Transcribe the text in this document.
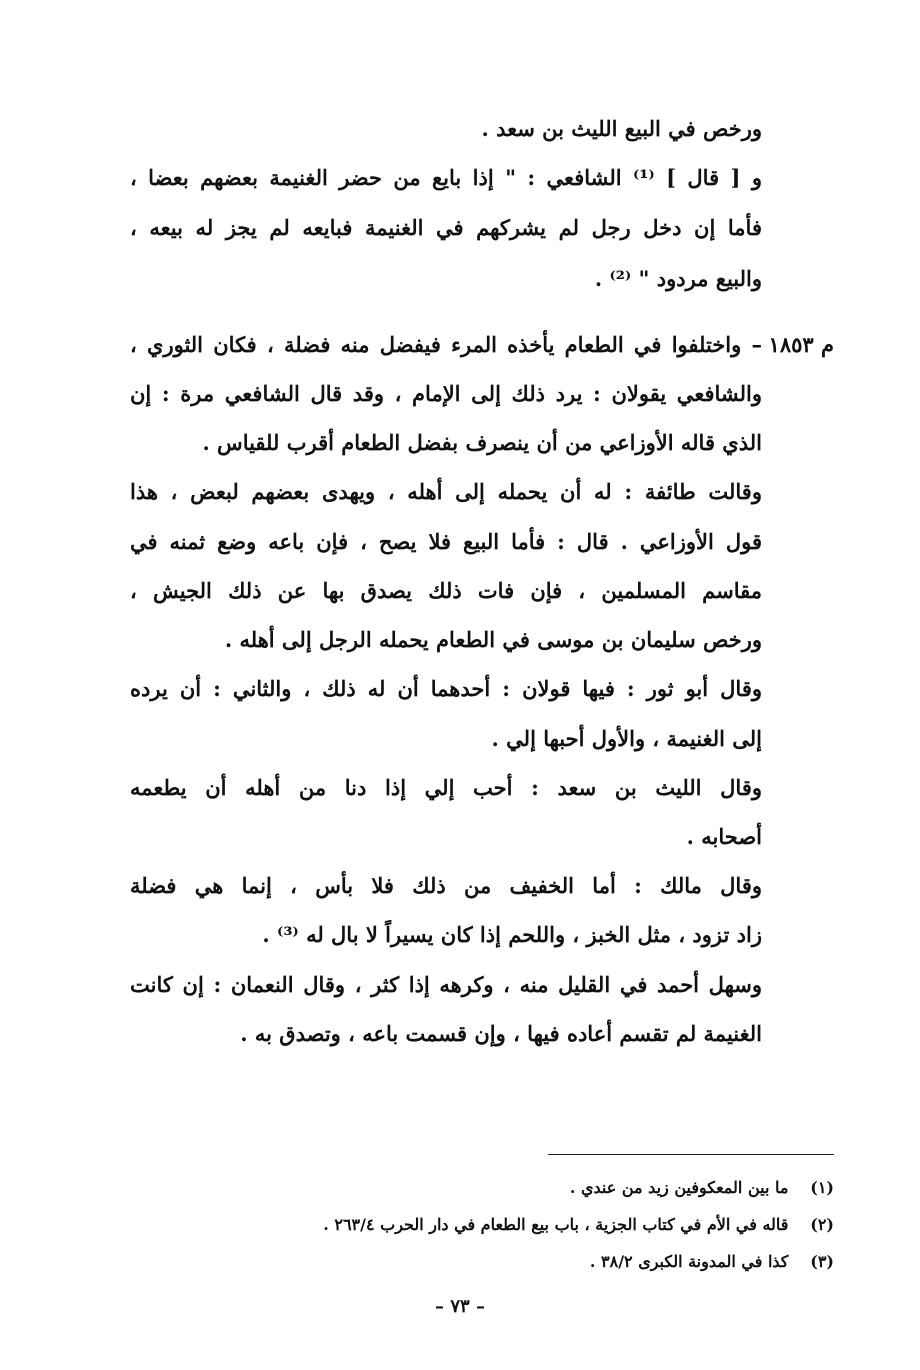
ورخص في البيع الليث بن سعد .
و [ قال ] ⁽¹⁾ الشافعي : " إذا بايع من حضر الغنيمة بعضهم بعضا ،
فأما إن دخل رجل لم يشركهم في الغنيمة فبايعه لم يجز له بيعه ،
والبيع مردود " ⁽²⁾ .
م ١٨٥٣
– واختلفوا في الطعام يأخذه المرء فيفضل منه فضلة ، فكان الثوري ،
والشافعي يقولان : يرد ذلك إلى الإمام ، وقد قال الشافعي مرة : إن
الذي قاله الأوزاعي من أن ينصرف بفضل الطعام أقرب للقياس .
وقالت طائفة : له أن يحمله إلى أهله ، ويهدى بعضهم لبعض ، هذا
قول الأوزاعي . قال : فأما البيع فلا يصح ، فإن باعه وضع ثمنه في
مقاسم المسلمين ، فإن فات ذلك يصدق بها عن ذلك الجيش ،
ورخص سليمان بن موسى في الطعام يحمله الرجل إلى أهله .
وقال أبو ثور : فيها قولان : أحدهما أن له ذلك ، والثاني : أن يرده
إلى الغنيمة ، والأول أحبها إلي .
وقال الليث بن سعد : أحب إلي إذا دنا من أهله أن يطعمه
أصحابه .
وقال مالك : أما الخفيف من ذلك فلا بأس ، إنما هي فضلة
زاد تزود ، مثل الخبز ، واللحم إذا كان يسيراً لا بال له ⁽³⁾ .
وسهل أحمد في القليل منه ، وكرهه إذا كثر ، وقال النعمان : إن كانت
الغنيمة لم تقسم أعاده فيها ، وإن قسمت باعه ، وتصدق به .
(١) ما بين المعكوفين زيد من عندي .
(٢) قاله في الأم في كتاب الجزية ، باب بيع الطعام في دار الحرب ٢٦٣/٤ .
(٣) كذا في المدونة الكبرى ٣٨/٢ .
– ٧٣ –
